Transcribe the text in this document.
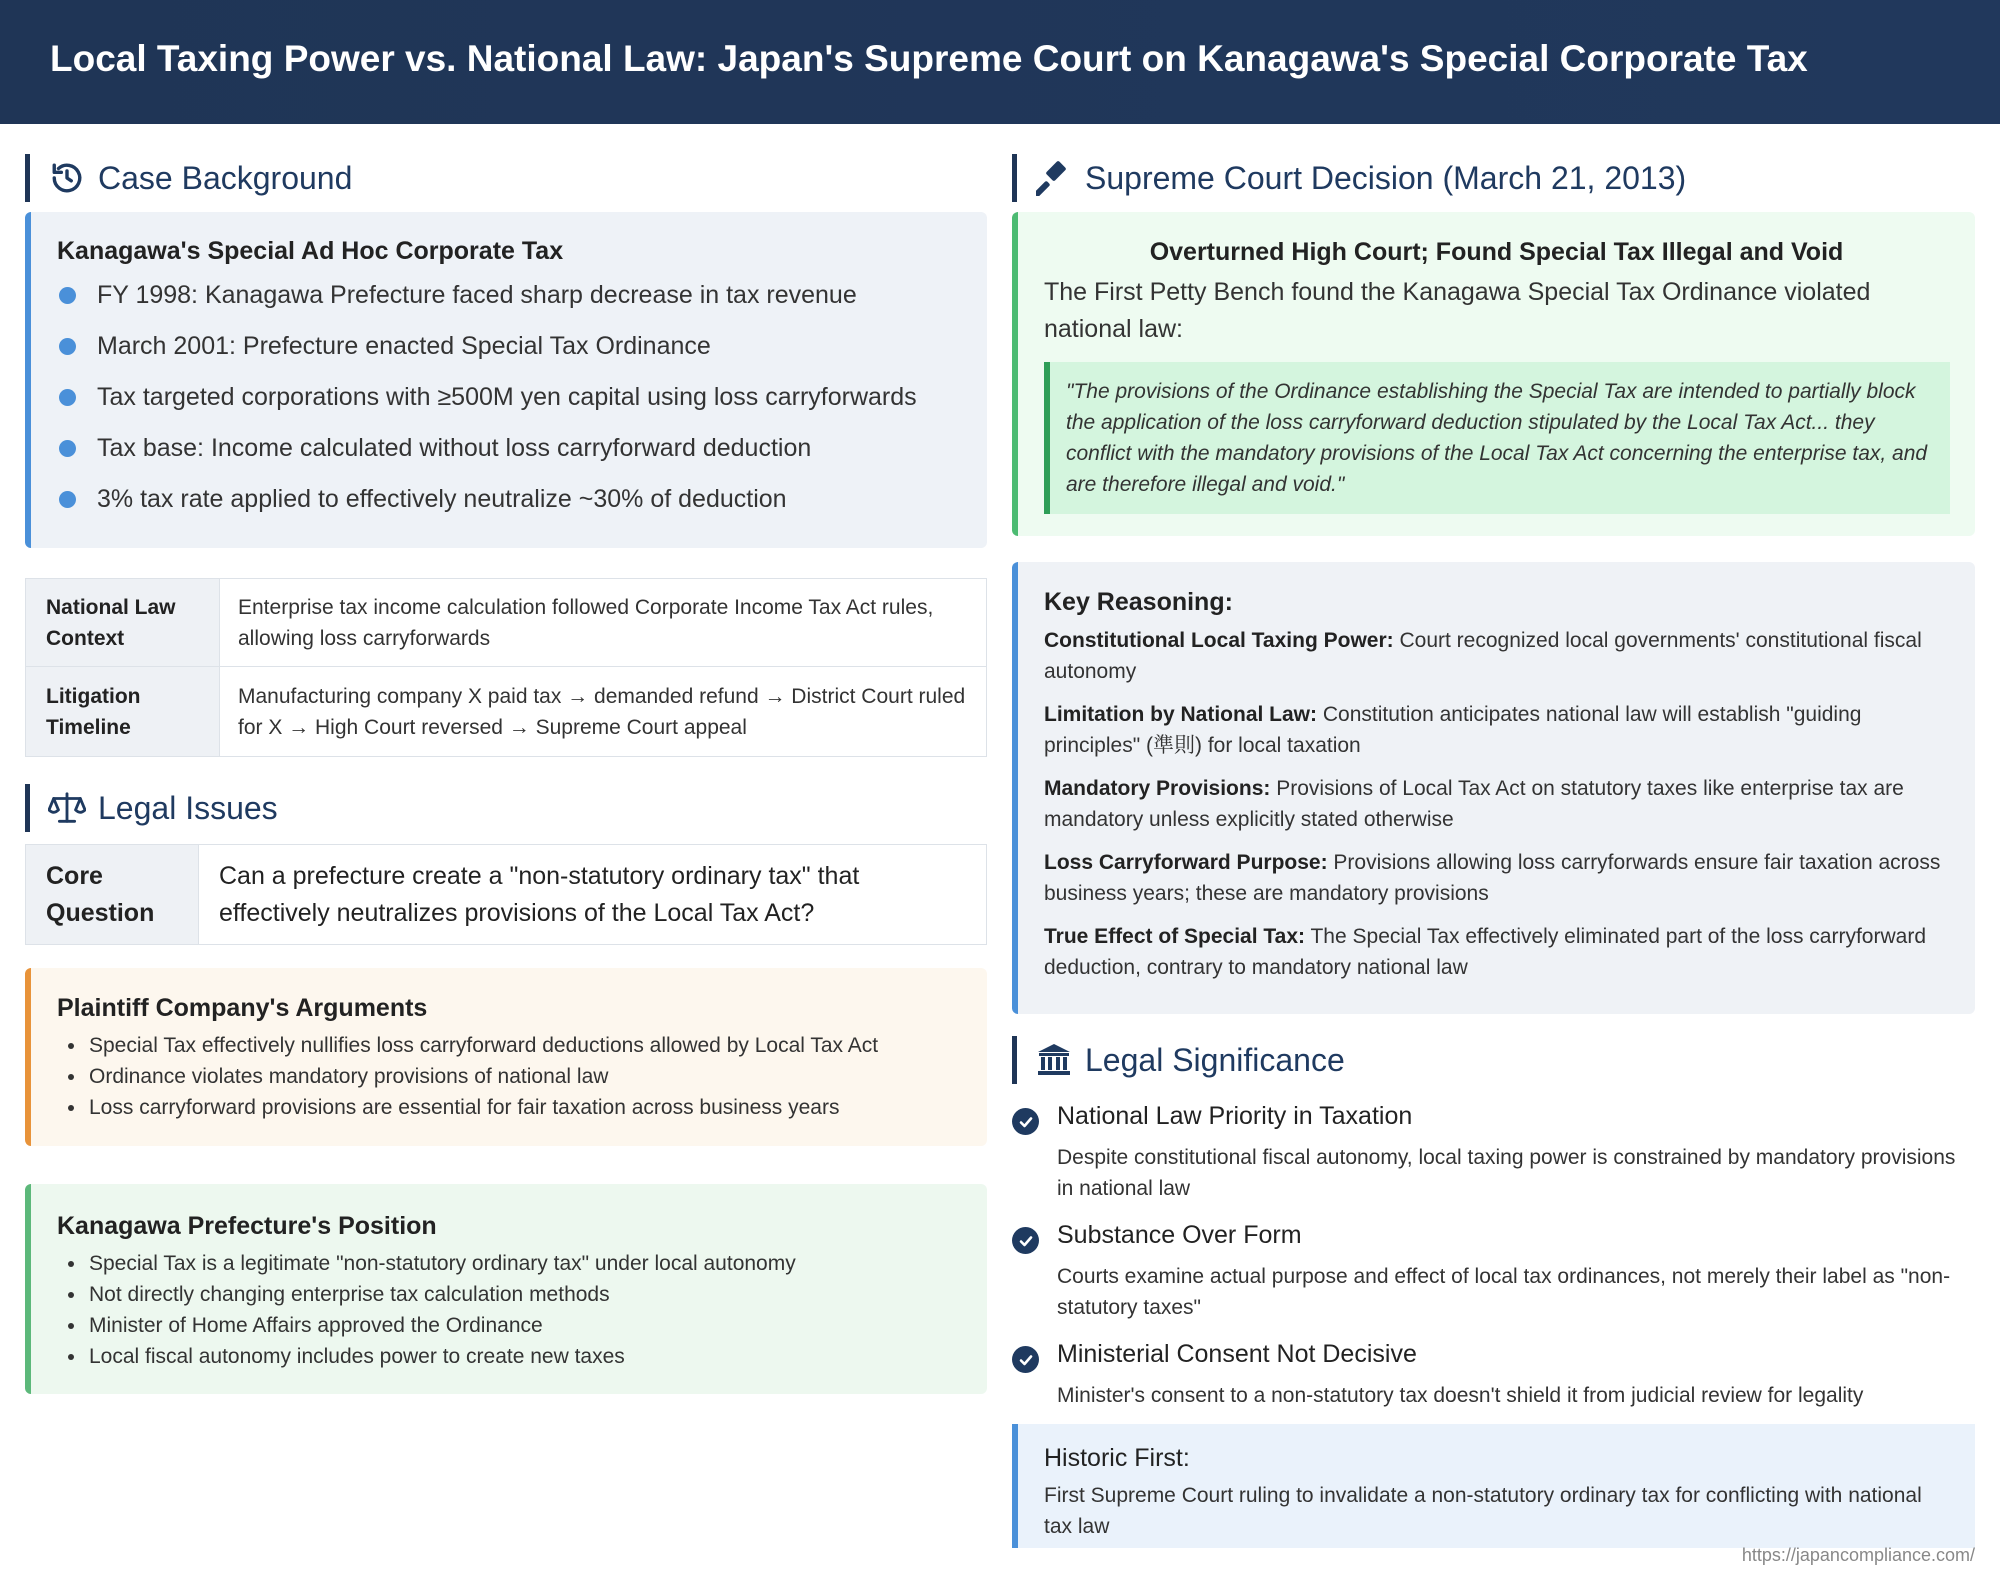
Local Taxing Power vs. National Law: Japan's Supreme Court on Kanagawa's Special Corporate Tax
Case Background
Kanagawa's Special Ad Hoc Corporate Tax
FY 1998: Kanagawa Prefecture faced sharp decrease in tax revenue
March 2001: Prefecture enacted Special Tax Ordinance
Tax targeted corporations with ≥500M yen capital using loss carryforwards
Tax base: Income calculated without loss carryforward deduction
3% tax rate applied to effectively neutralize ~30% of deduction
National Law Context	Enterprise tax income calculation followed Corporate Income Tax Act rules, allowing loss carryforwards
Litigation Timeline	Manufacturing company X paid tax → demanded refund → District Court ruled for X → High Court reversed → Supreme Court appeal
Legal Issues
Core Question	Can a prefecture create a "non-statutory ordinary tax" that effectively neutralizes provisions of the Local Tax Act?
Plaintiff Company's Arguments
Special Tax effectively nullifies loss carryforward deductions allowed by Local Tax Act
Ordinance violates mandatory provisions of national law
Loss carryforward provisions are essential for fair taxation across business years
Kanagawa Prefecture's Position
Special Tax is a legitimate "non-statutory ordinary tax" under local autonomy
Not directly changing enterprise tax calculation methods
Minister of Home Affairs approved the Ordinance
Local fiscal autonomy includes power to create new taxes
Supreme Court Decision (March 21, 2013)
Overturned High Court; Found Special Tax Illegal and Void
The First Petty Bench found the Kanagawa Special Tax Ordinance violated national law:
"The provisions of the Ordinance establishing the Special Tax are intended to partially block the application of the loss carryforward deduction stipulated by the Local Tax Act... they conflict with the mandatory provisions of the Local Tax Act concerning the enterprise tax, and are therefore illegal and void."
Key Reasoning:

Constitutional Local Taxing Power: Court recognized local governments' constitutional fiscal autonomy

Limitation by National Law: Constitution anticipates national law will establish "guiding principles" (準則) for local taxation

Mandatory Provisions: Provisions of Local Tax Act on statutory taxes like enterprise tax are mandatory unless explicitly stated otherwise

Loss Carryforward Purpose: Provisions allowing loss carryforwards ensure fair taxation across business years; these are mandatory provisions

True Effect of Special Tax: The Special Tax effectively eliminated part of the loss carryforward deduction, contrary to mandatory national law

Legal Significance
National Law Priority in Taxation
Despite constitutional fiscal autonomy, local taxing power is constrained by mandatory provisions in national law
Substance Over Form
Courts examine actual purpose and effect of local tax ordinances, not merely their label as "non-statutory taxes"
Ministerial Consent Not Decisive
Minister's consent to a non-statutory tax doesn't shield it from judicial review for legality
Historic First:
First Supreme Court ruling to invalidate a non-statutory ordinary tax for conflicting with national tax law
https://japancompliance.com/
